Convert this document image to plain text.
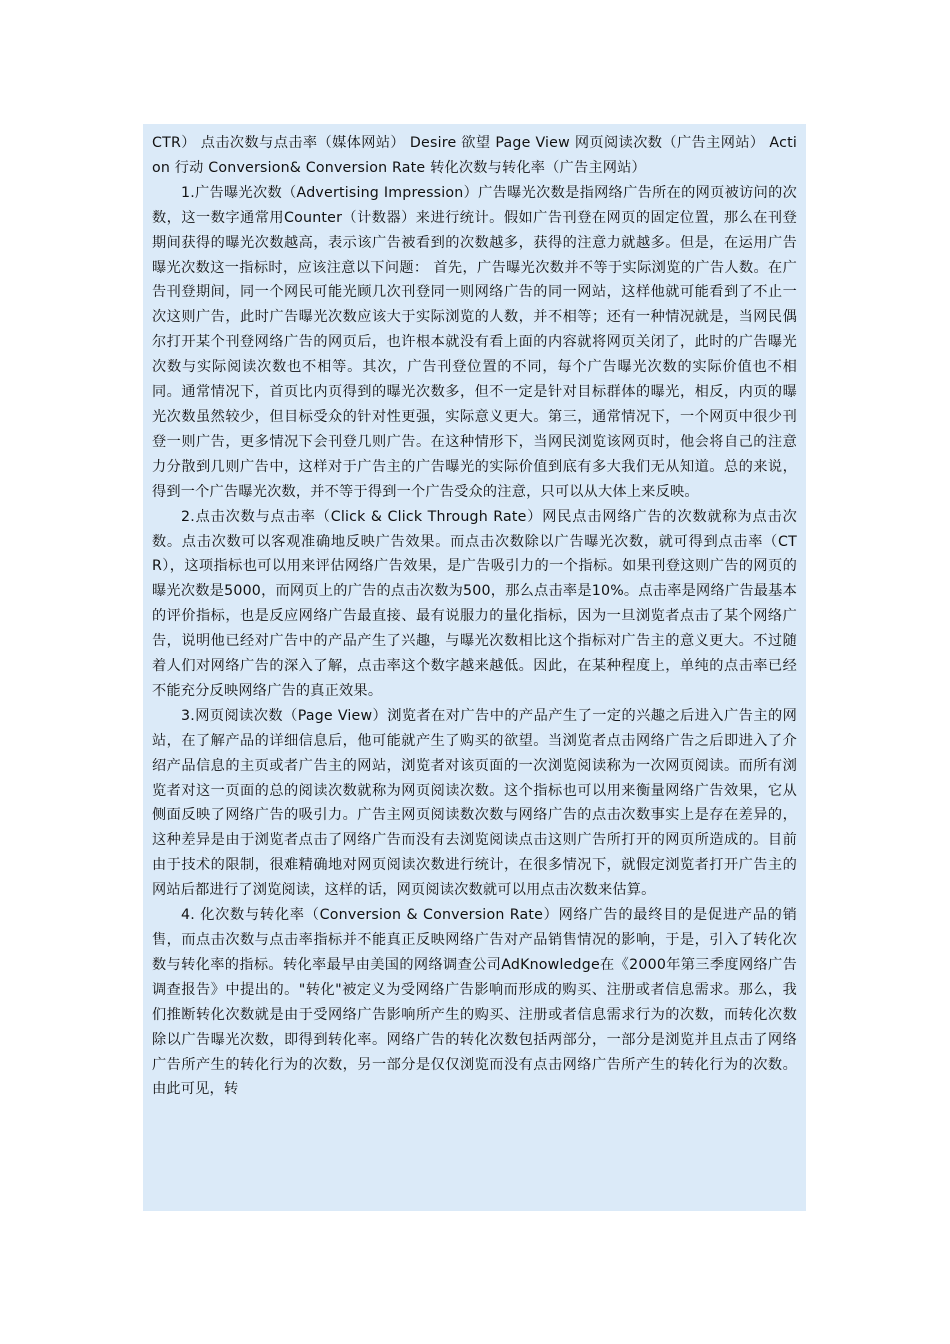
CTR） 点击次数与点击率（媒体网站） Desire 欲望 Page View 网页阅读次数（广告主网站） Action 行动 Conversion& Conversion Rate 转化次数与转化率（广告主网站）

1.广告曝光次数（Advertising Impression）广告曝光次数是指网络广告所在的网页被访问的次数，这一数字通常用Counter（计数器）来进行统计。假如广告刊登在网页的固定位置，那么在刊登期间获得的曝光次数越高，表示该广告被看到的次数越多，获得的注意力就越多。但是，在运用广告曝光次数这一指标时，应该注意以下问题： 首先，广告曝光次数并不等于实际浏览的广告人数。在广告刊登期间，同一个网民可能光顾几次刊登同一则网络广告的同一网站，这样他就可能看到了不止一次这则广告，此时广告曝光次数应该大于实际浏览的人数，并不相等；还有一种情况就是，当网民偶尔打开某个刊登网络广告的网页后，也许根本就没有看上面的内容就将网页关闭了，此时的广告曝光次数与实际阅读次数也不相等。其次，广告刊登位置的不同，每个广告曝光次数的实际价值也不相同。通常情况下，首页比内页得到的曝光次数多，但不一定是针对目标群体的曝光，相反，内页的曝光次数虽然较少，但目标受众的针对性更强，实际意义更大。第三，通常情况下，一个网页中很少刊登一则广告，更多情况下会刊登几则广告。在这种情形下，当网民浏览该网页时，他会将自己的注意力分散到几则广告中，这样对于广告主的广告曝光的实际价值到底有多大我们无从知道。总的来说，得到一个广告曝光次数，并不等于得到一个广告受众的注意，只可以从大体上来反映。

2.点击次数与点击率（Click & Click Through Rate）网民点击网络广告的次数就称为点击次数。点击次数可以客观准确地反映广告效果。而点击次数除以广告曝光次数，就可得到点击率（CTR），这项指标也可以用来评估网络广告效果，是广告吸引力的一个指标。如果刊登这则广告的网页的曝光次数是5000，而网页上的广告的点击次数为500，那么点击率是10%。点击率是网络广告最基本的评价指标，也是反应网络广告最直接、最有说服力的量化指标，因为一旦浏览者点击了某个网络广告，说明他已经对广告中的产品产生了兴趣，与曝光次数相比这个指标对广告主的意义更大。不过随着人们对网络广告的深入了解，点击率这个数字越来越低。因此，在某种程度上，单纯的点击率已经不能充分反映网络广告的真正效果。

3.网页阅读次数（Page View）浏览者在对广告中的产品产生了一定的兴趣之后进入广告主的网站，在了解产品的详细信息后，他可能就产生了购买的欲望。当浏览者点击网络广告之后即进入了介绍产品信息的主页或者广告主的网站，浏览者对该页面的一次浏览阅读称为一次网页阅读。而所有浏览者对这一页面的总的阅读次数就称为网页阅读次数。这个指标也可以用来衡量网络广告效果，它从侧面反映了网络广告的吸引力。广告主网页阅读数次数与网络广告的点击次数事实上是存在差异的，这种差异是由于浏览者点击了网络广告而没有去浏览阅读点击这则广告所打开的网页所造成的。目前由于技术的限制，很难精确地对网页阅读次数进行统计，在很多情况下，就假定浏览者打开广告主的网站后都进行了浏览阅读，这样的话，网页阅读次数就可以用点击次数来估算。

4. 化次数与转化率（Conversion & Conversion Rate）网络广告的最终目的是促进产品的销售，而点击次数与点击率指标并不能真正反映网络广告对产品销售情况的影响，于是，引入了转化次数与转化率的指标。转化率最早由美国的网络调查公司AdKnowledge在《2000年第三季度网络广告调查报告》中提出的。"转化"被定义为受网络广告影响而形成的购买、注册或者信息需求。那么，我们推断转化次数就是由于受网络广告影响所产生的购买、注册或者信息需求行为的次数，而转化次数除以广告曝光次数，即得到转化率。网络广告的转化次数包括两部分，一部分是浏览并且点击了网络广告所产生的转化行为的次数，另一部分是仅仅浏览而没有点击网络广告所产生的转化行为的次数。由此可见，转
